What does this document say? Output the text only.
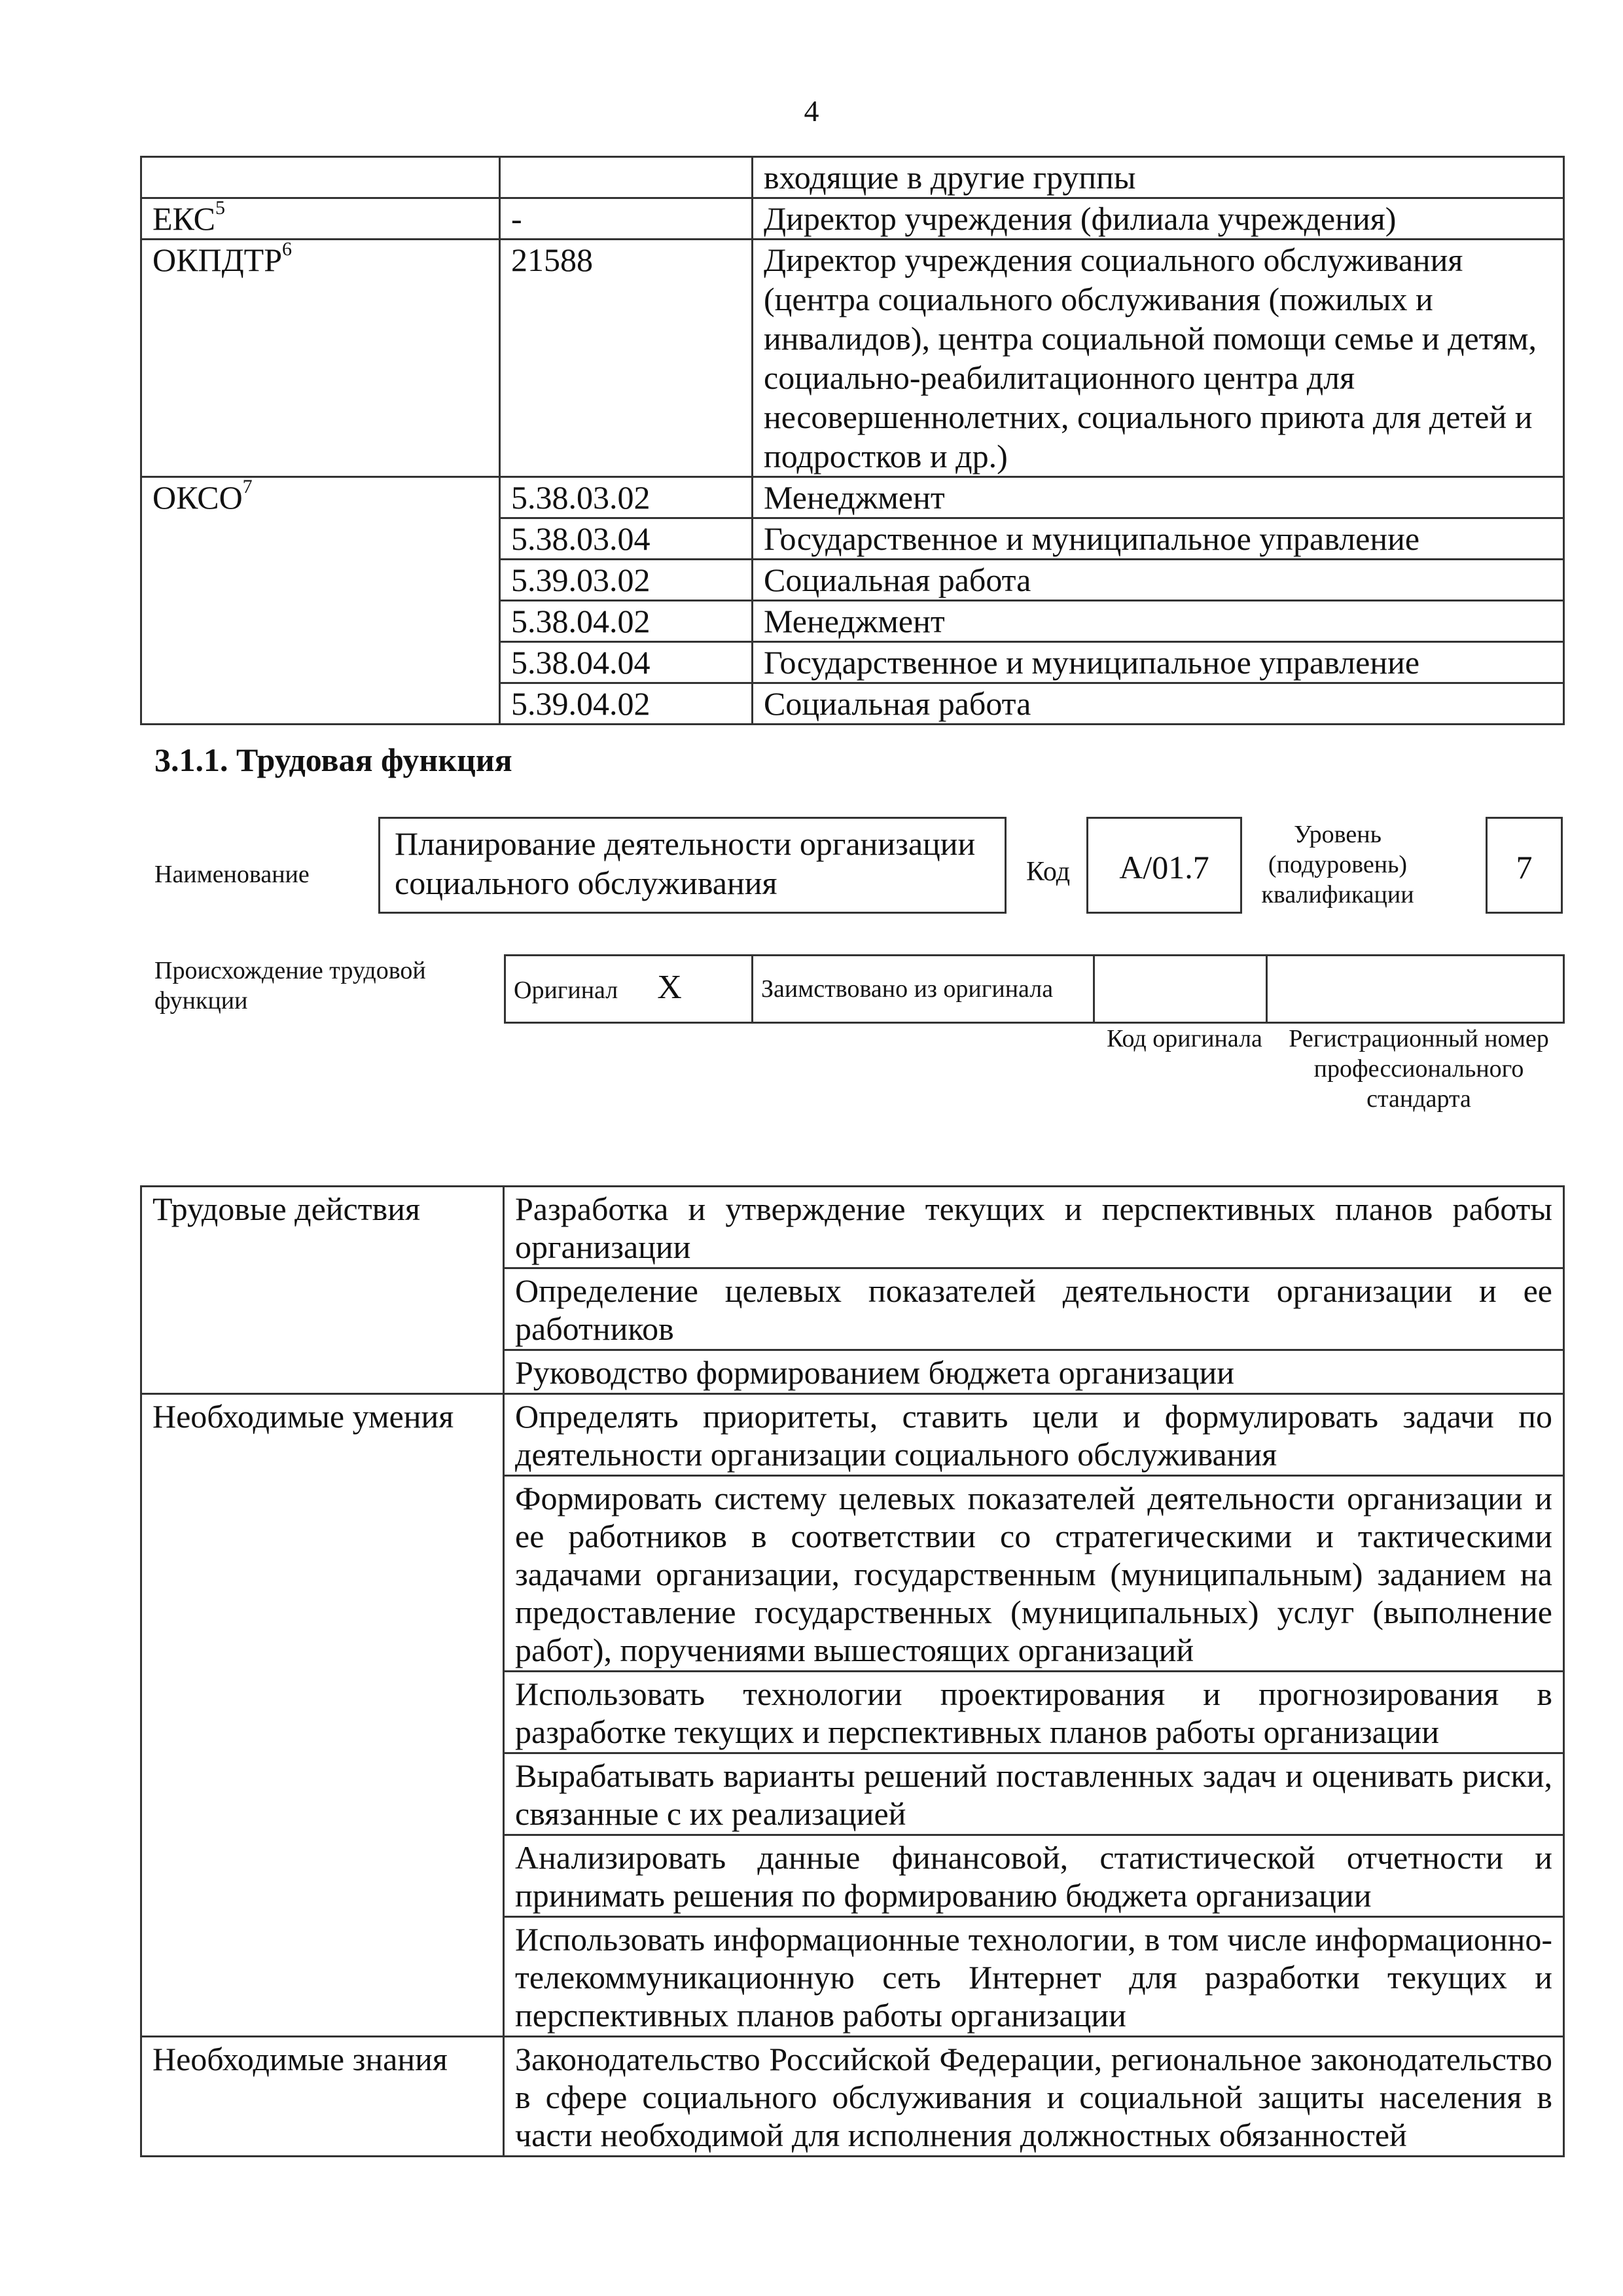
4
		входящие в другие группы
ЕКС$^5$	-	Директор учреждения (филиала учреждения)
ОКПДТР$^6$	21588	Директор учреждения социального обслуживания (центра социального обслуживания (пожилых и инвалидов), центра социальной помощи семье и детям, социально-реабилитационного центра для несовершеннолетних, социального приюта для детей и подростков и др.)
ОКСО$^7$	5.38.03.02	Менеджмент
	5.38.03.04	Государственное и муниципальное управление
	5.39.03.02	Социальная работа
	5.38.04.02	Менеджмент
	5.38.04.04	Государственное и муниципальное управление
	5.39.04.02	Социальная работа
3.1.1. Трудовая функция
Наименование
Планирование деятельности организации социального обслуживания	Код	A/01.7
Уровень (подуровень) квалификации
7
Происхождение трудовой функции	Оригинал X	Заимствовано из оригинала		
Код оригинала	Регистрационный номер профессионального стандарта
Трудовые действия	Разработка и утверждение текущих и перспективных планов работы организации
	Определение целевых показателей деятельности организации и ее работников
	Руководство формированием бюджета организации
Необходимые умения	Определять приоритеты, ставить цели и формулировать задачи по деятельности организации социального обслуживания
	Формировать систему целевых показателей деятельности организации и ее работников в соответствии со стратегическими и тактическими задачами организации, государственным (муниципальным) заданием на предоставление государственных (муниципальных) услуг (выполнение работ), поручениями вышестоящих организаций
	Использовать технологии проектирования и прогнозирования в разработке текущих и перспективных планов работы организации
	Вырабатывать варианты решений поставленных задач и оценивать риски, связанные с их реализацией
	Анализировать данные финансовой, статистической отчетности и принимать решения по формированию бюджета организации
	Использовать информационные технологии, в том числе информационно-телекоммуникационную сеть Интернет для разработки текущих и перспективных планов работы организации
Необходимые знания	Законодательство Российской Федерации, региональное законодательство в сфере социального обслуживания и социальной защиты населения в части необходимой для исполнения должностных обязанностей
